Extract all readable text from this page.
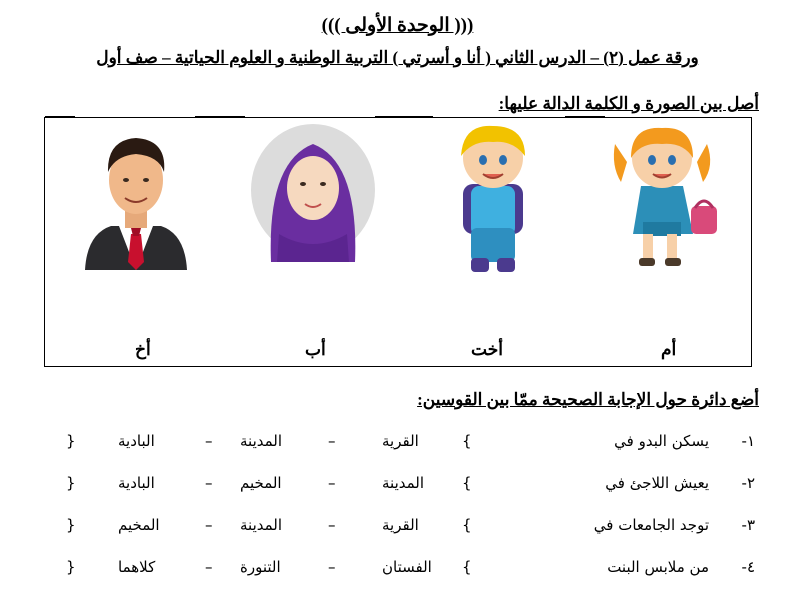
((( الوحدة الأولى )))
ورقة عمل (٢) – الدرس الثاني ( أنا و أسرتي ) التربية الوطنية و العلوم الحياتية – صف أول
أصل بين الصورة و الكلمة الدالة عليها:
أخ	أب	أخت	أم
أضع دائرة حول الإجابة الصحيحة ممّا بين القوسين:
١-
يسكن البدو في
{
القرية
–
المدينة
–
البادية
}
٢-
يعيش اللاجئ في
{
المدينة
–
المخيم
–
البادية
}
٣-
توجد الجامعات في
{
القرية
–
المدينة
–
المخيم
}
٤-
من ملابس البنت
{
الفستان
–
التنورة
–
كلاهما
}
